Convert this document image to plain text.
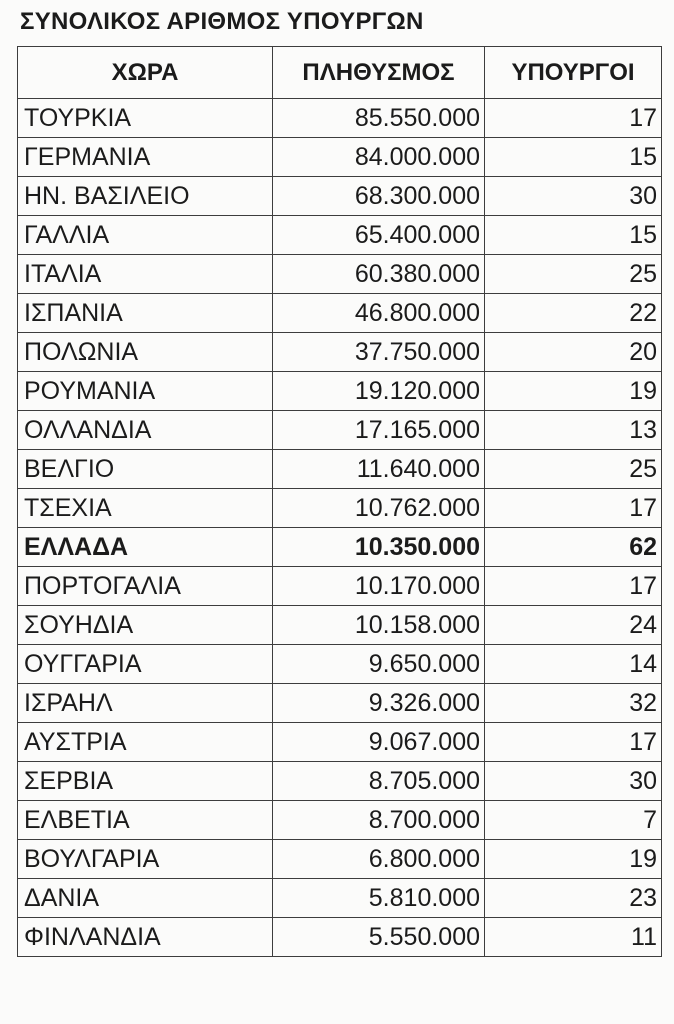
ΣΥΝΟΛΙΚΟΣ ΑΡΙΘΜΟΣ ΥΠΟΥΡΓΩΝ
ΧΩΡΑ	ΠΛΗΘΥΣΜΟΣ	ΥΠΟΥΡΓΟΙ
ΤΟΥΡΚΙΑ	85.550.000	17
ΓΕΡΜΑΝΙΑ	84.000.000	15
ΗΝ. ΒΑΣΙΛΕΙΟ	68.300.000	30
ΓΑΛΛΙΑ	65.400.000	15
ΙΤΑΛΙΑ	60.380.000	25
ΙΣΠΑΝΙΑ	46.800.000	22
ΠΟΛΩΝΙΑ	37.750.000	20
ΡΟΥΜΑΝΙΑ	19.120.000	19
ΟΛΛΑΝΔΙΑ	17.165.000	13
ΒΕΛΓΙΟ	11.640.000	25
ΤΣΕΧΙΑ	10.762.000	17
ΕΛΛΑΔΑ	10.350.000	62
ΠΟΡΤΟΓΑΛΙΑ	10.170.000	17
ΣΟΥΗΔΙΑ	10.158.000	24
ΟΥΓΓΑΡΙΑ	9.650.000	14
ΙΣΡΑΗΛ	9.326.000	32
ΑΥΣΤΡΙΑ	9.067.000	17
ΣΕΡΒΙΑ	8.705.000	30
ΕΛΒΕΤΙΑ	8.700.000	7
ΒΟΥΛΓΑΡΙΑ	6.800.000	19
ΔΑΝΙΑ	5.810.000	23
ΦΙΝΛΑΝΔΙΑ	5.550.000	11
